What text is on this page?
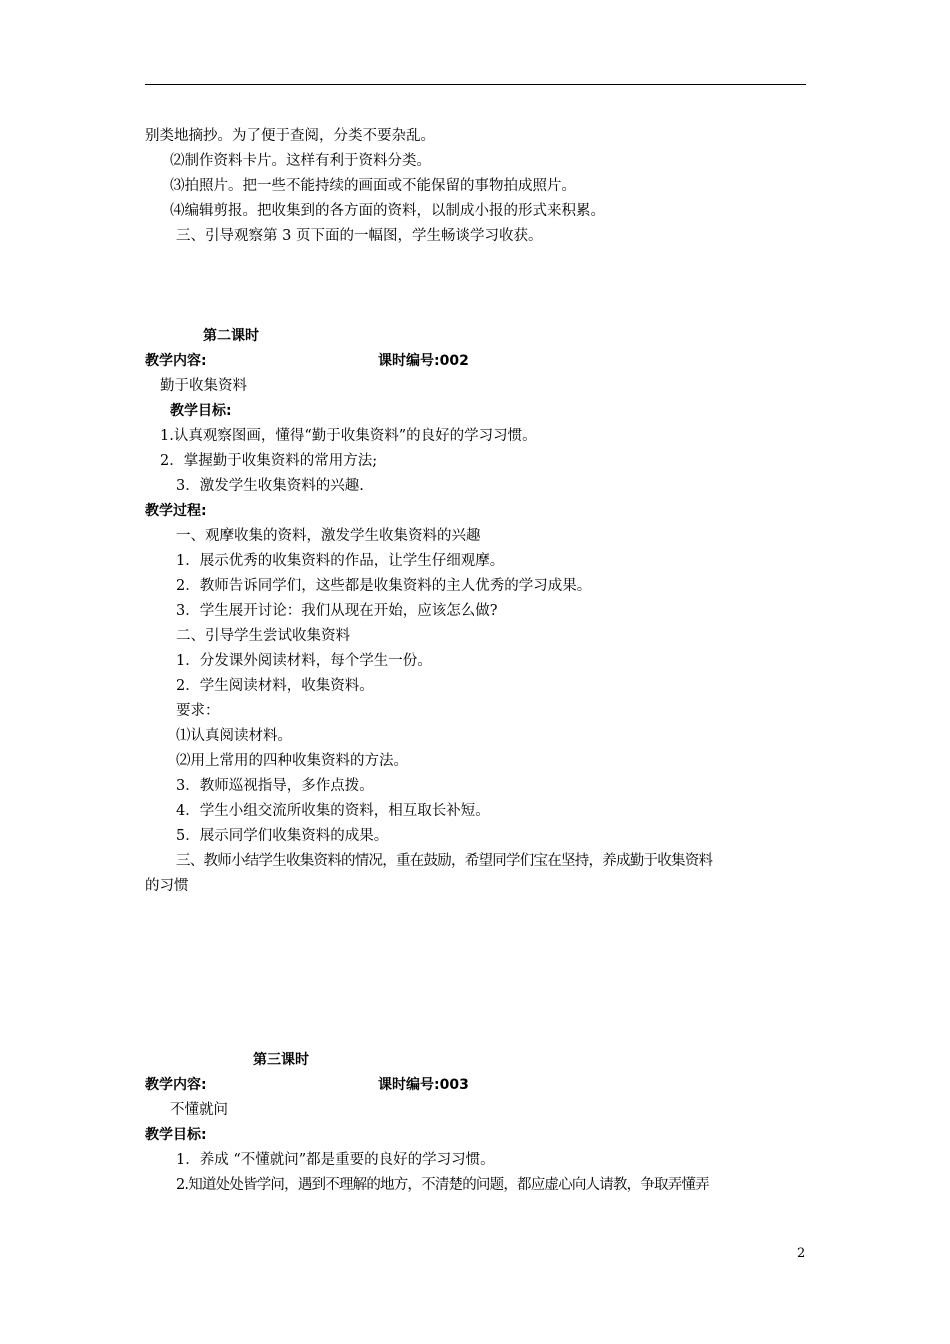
别类地摘抄。为了便于查阅，分类不要杂乱。
⑵制作资料卡片。这样有利于资料分类。
⑶拍照片。把一些不能持续的画面或不能保留的事物拍成照片。
⑷编辑剪报。把收集到的各方面的资料，以制成小报的形式来积累。
三、引导观察第 3 页下面的一幅图，学生畅谈学习收获。
第二课时
教学内容:	课时编号:002
勤于收集资料
教学目标:
1.认真观察图画，懂得“勤于收集资料”的良好的学习习惯。
2．掌握勤于收集资料的常用方法;
3．激发学生收集资料的兴趣.
教学过程:
一、观摩收集的资料，激发学生收集资料的兴趣
1．展示优秀的收集资料的作品，让学生仔细观摩。
2．教师告诉同学们，这些都是收集资料的主人优秀的学习成果。
3．学生展开讨论：我们从现在开始，应该怎么做?
二、引导学生尝试收集资料
1．分发课外阅读材料，每个学生一份。
2．学生阅读材料，收集资料。
要求：
⑴认真阅读材料。
⑵用上常用的四种收集资料的方法。
3．教师巡视指导，多作点拨。
4．学生小组交流所收集的资料，相互取长补短。
5．展示同学们收集资料的成果。
三、教师小结学生收集资料的情况，重在鼓励，希望同学们宝在坚持，养成勤于收集资料
的习惯
第三课时
教学内容:	课时编号:003
不懂就问
教学目标:
1．养成 “不懂就问”都是重要的良好的学习习惯。
2.知道处处皆学问，遇到不理解的地方，不清楚的问题，都应虚心向人请教，争取弄懂弄
2
